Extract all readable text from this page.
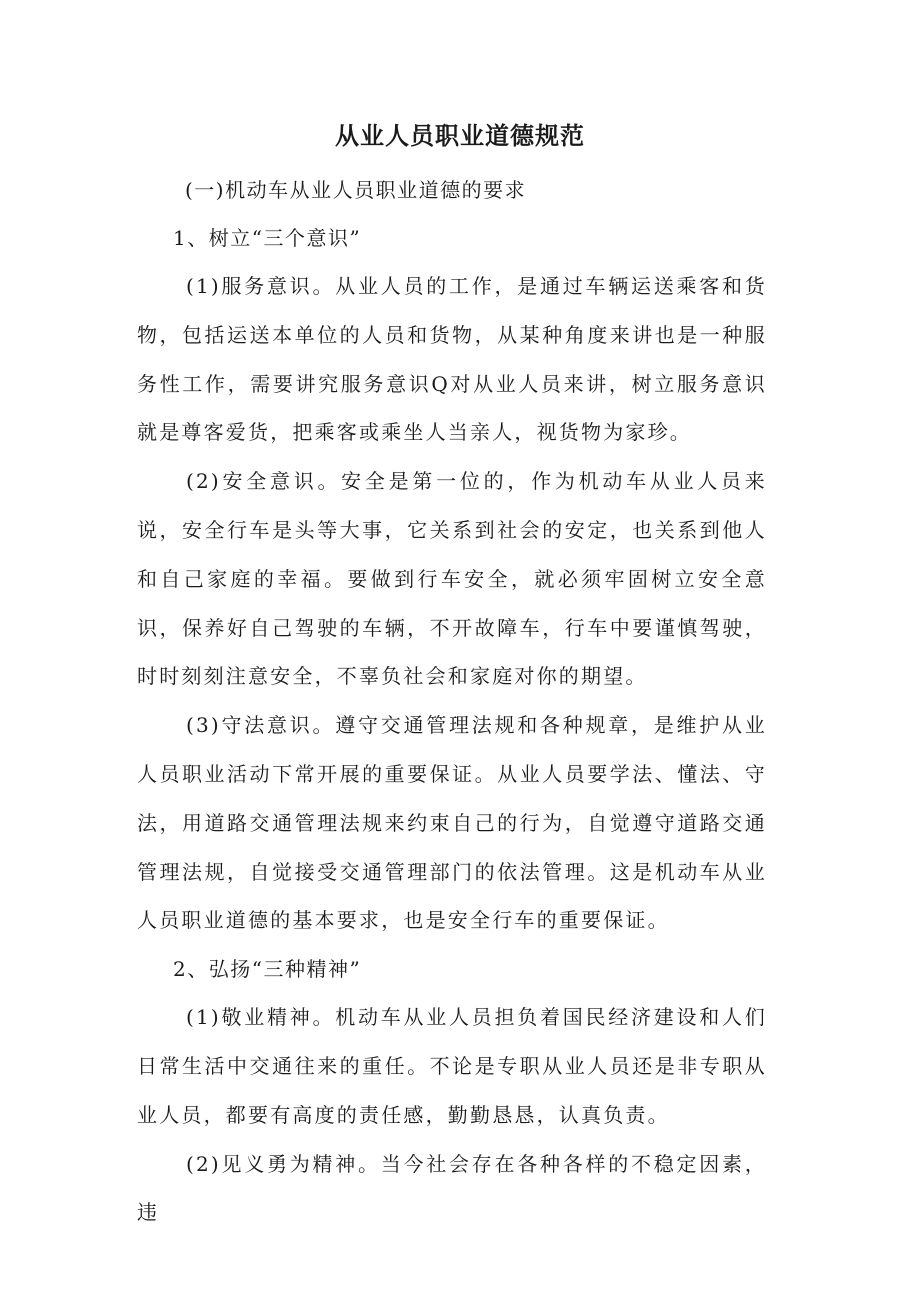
从业人员职业道德规范

(一)机动车从业人员职业道德的要求

1、树立“三个意识”

(1)服务意识。从业人员的工作，是通过车辆运送乘客和货物，包括运送本单位的人员和货物，从某种角度来讲也是一种服务性工作，需要讲究服务意识Q对从业人员来讲，树立服务意识就是尊客爱货，把乘客或乘坐人当亲人，视货物为家珍。

(2)安全意识。安全是第一位的，作为机动车从业人员来说，安全行车是头等大事，它关系到社会的安定，也关系到他人和自己家庭的幸福。要做到行车安全，就必须牢固树立安全意识，保养好自己驾驶的车辆，不开故障车，行车中要谨慎驾驶，时时刻刻注意安全，不辜负社会和家庭对你的期望。

(3)守法意识。遵守交通管理法规和各种规章，是维护从业人员职业活动下常开展的重要保证。从业人员要学法、懂法、守法，用道路交通管理法规来约束自己的行为，自觉遵守道路交通管理法规，自觉接受交通管理部门的依法管理。这是机动车从业人员职业道德的基本要求，也是安全行车的重要保证。

2、弘扬“三种精神”

(1)敬业精神。机动车从业人员担负着国民经济建设和人们日常生活中交通往来的重任。不论是专职从业人员还是非专职从业人员，都要有高度的责任感，勤勤恳恳，认真负责。

(2)见义勇为精神。当今社会存在各种各样的不稳定因素，违
